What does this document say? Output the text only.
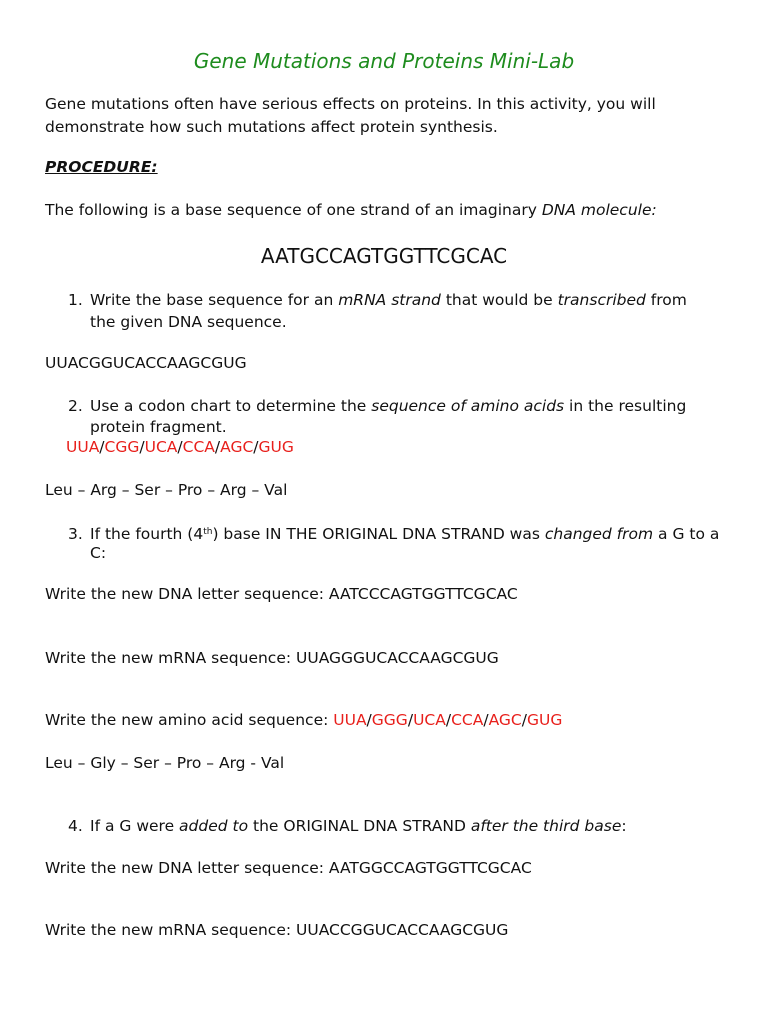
Gene Mutations and Proteins Mini-Lab
Gene mutations often have serious effects on proteins. In this activity, you will
demonstrate how such mutations affect protein synthesis.
PROCEDURE:
The following is a base sequence of one strand of an imaginary DNA molecule:
AATGCCAGTGGTTCGCAC
1. Write the base sequence for an mRNA strand that would be transcribed from
the given DNA sequence.
UUACGGUCACCAAGCGUG
2. Use a codon chart to determine the sequence of amino acids in the resulting
protein fragment.
UUA/CGG/UCA/CCA/AGC/GUG
Leu – Arg – Ser – Pro – Arg – Val
3. If the fourth (4th) base IN THE ORIGINAL DNA STRAND was changed from a G to a
C:
Write the new DNA letter sequence: AATCCCAGTGGTTCGCAC
Write the new mRNA sequence: UUAGGGUCACCAAGCGUG
Write the new amino acid sequence: UUA/GGG/UCA/CCA/AGC/GUG
Leu – Gly – Ser – Pro – Arg - Val
4. If a G were added to the ORIGINAL DNA STRAND after the third base:
Write the new DNA letter sequence: AATGGCCAGTGGTTCGCAC
Write the new mRNA sequence: UUACCGGUCACCAAGCGUG
